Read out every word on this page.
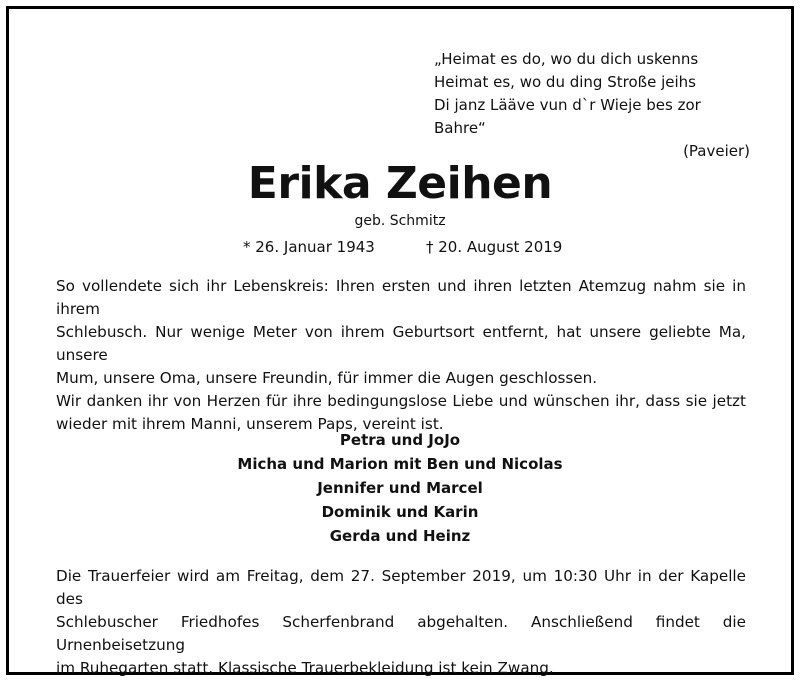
„Heimat es do, wo du dich uskenns
Heimat es, wo du ding Stroße jeihs
Di janz Lääve vun d`r Wieje bes zor Bahre“
(Paveier)
Erika Zeihen
geb. Schmitz
* 26. Januar 1943	† 20. August 2019
So vollendete sich ihr Lebenskreis: Ihren ersten und ihren letzten Atemzug nahm sie in ihrem
Schlebusch. Nur wenige Meter von ihrem Geburtsort entfernt, hat unsere geliebte Ma, unsere
Mum, unsere Oma, unsere Freundin, für immer die Augen geschlossen.
Wir danken ihr von Herzen für ihre bedingungslose Liebe und wünschen ihr, dass sie jetzt
wieder mit ihrem Manni, unserem Paps, vereint ist.
Petra und JoJo
Micha und Marion mit Ben und Nicolas
Jennifer und Marcel
Dominik und Karin
Gerda und Heinz
Die Trauerfeier wird am Freitag, dem 27. September 2019, um 10:30 Uhr in der Kapelle des
Schlebuscher Friedhofes Scherfenbrand abgehalten. Anschließend findet die Urnenbeisetzung
im Ruhegarten statt. Klassische Trauerbekleidung ist kein Zwang.
